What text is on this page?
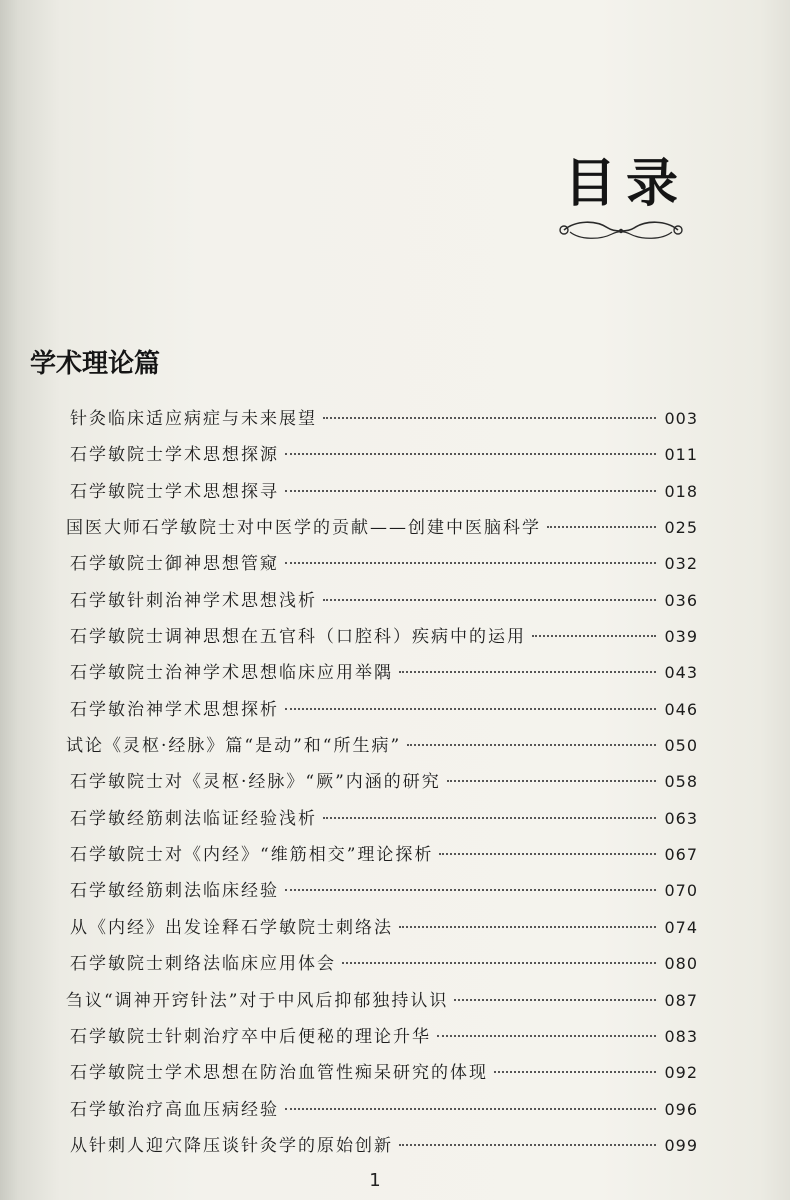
目录
学术理论篇
针灸临床适应病症与未来展望	003
石学敏院士学术思想探源	011
石学敏院士学术思想探寻	018
国医大师石学敏院士对中医学的贡献——创建中医脑科学	025
石学敏院士御神思想管窥	032
石学敏针刺治神学术思想浅析	036
石学敏院士调神思想在五官科（口腔科）疾病中的运用	039
石学敏院士治神学术思想临床应用举隅	043
石学敏治神学术思想探析	046
试论《灵枢·经脉》篇“是动”和“所生病”	050
石学敏院士对《灵枢·经脉》“厥”内涵的研究	058
石学敏经筋刺法临证经验浅析	063
石学敏院士对《内经》“维筋相交”理论探析	067
石学敏经筋刺法临床经验	070
从《内经》出发诠释石学敏院士刺络法	074
石学敏院士刺络法临床应用体会	080
刍议“调神开窍针法”对于中风后抑郁独持认识	087
石学敏院士针刺治疗卒中后便秘的理论升华	083
石学敏院士学术思想在防治血管性痴呆研究的体现	092
石学敏治疗高血压病经验	096
从针刺人迎穴降压谈针灸学的原始创新	099
1
